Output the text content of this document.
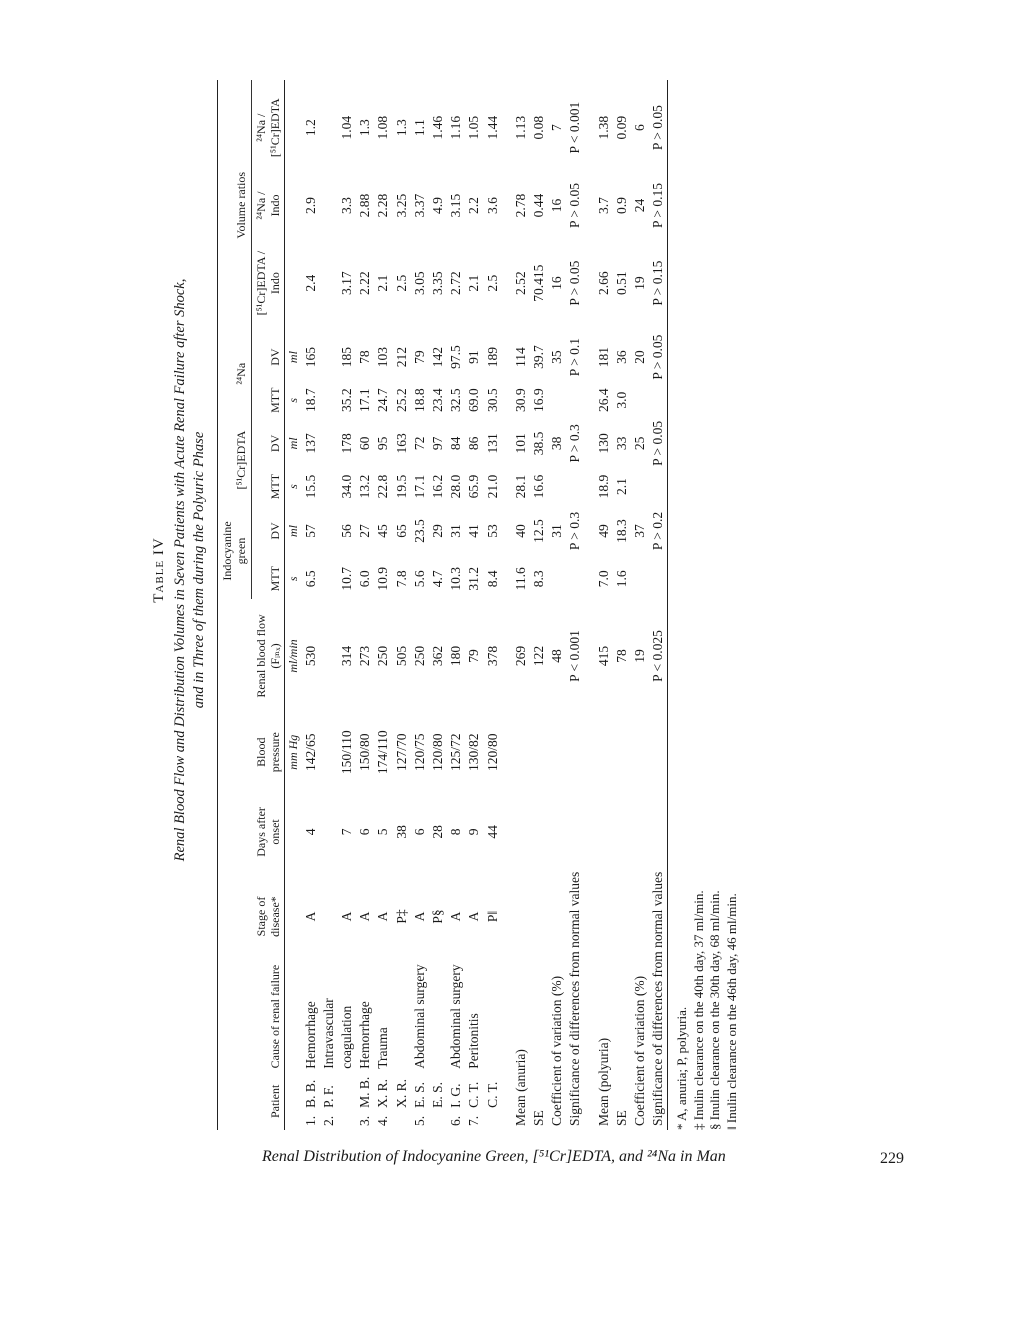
Table IV Renal Blood Flow and Distribution Volumes in Seven Patients with Acute Renal Failure after Shock, and in Three of them during the Polyuric Phase
Patient		Cause of renal failure	Stage of disease*	Days after onset	Blood pressure	Renal blood flow (Fᵢₙₓ)	Indocyanine green		[⁵¹Cr]EDTA		²⁴Na		Volume ratios		
							MTT	DV	MTT	DV	MTT	DV	[⁵¹Cr]EDTA / Indo	²⁴Na / Indo	²⁴Na / [⁵¹Cr]EDTA
					mm Hg	ml/min	s	ml	s	ml	s	ml			
1.	B. B.	Hemorrhage	A	4	142/65	530	6.5	57	15.5	137	18.7	165	2.4	2.9	1.2
2.	P. F.	Intravascular													
		coagulation	A	7	150/110	314	10.7	56	34.0	178	35.2	185	3.17	3.3	1.04
3.	M. B.	Hemorrhage	A	6	150/80	273	6.0	27	13.2	60	17.1	78	2.22	2.88	1.3
4.	X. R.	Trauma	A	5	174/110	250	10.9	45	22.8	95	24.7	103	2.1	2.28	1.08
	X. R.		P‡	38	127/70	505	7.8	65	19.5	163	25.2	212	2.5	3.25	1.3
5.	E. S.	Abdominal surgery	A	6	120/75	250	5.6	23.5	17.1	72	18.8	79	3.05	3.37	1.1
	E. S.		P§	28	120/80	362	4.7	29	16.2	97	23.4	142	3.35	4.9	1.46
6.	I. G.	Abdominal surgery	A	8	125/72	180	10.3	31	28.0	84	32.5	97.5	2.72	3.15	1.16
7.	C. T.	Peritonitis	A	9	130/82	79	31.2	41	65.9	86	69.0	91	2.1	2.2	1.05
	C. T.		P‖	44	120/80	378	8.4	53	21.0	131	30.5	189	2.5	3.6	1.44

Mean (anuria)						269	11.6	40	28.1	101	30.9	114	2.52	2.78	1.13
SE						122	8.3	12.5	16.6	38.5	16.9	39.7	70.415	0.44	0.08
Coefficient of variation (%)						48		31		38		35	16	16	7
Significance of differences from normal values						P < 0.001		P > 0.3		P > 0.3		P > 0.1	P > 0.05	P > 0.05	P < 0.001

Mean (polyuria)						415	7.0	49	18.9	130	26.4	181	2.66	3.7	1.38
SE						78	1.6	18.3	2.1	33	3.0	36	0.51	0.9	0.09
Coefficient of variation (%)						19		37		25		20	19	24	6
Significance of differences from normal values						P < 0.025		P > 0.2		P > 0.05		P > 0.05	P > 0.15	P > 0.15	P > 0.05
* A, anuria; P, polyuria. ‡ Inulin clearance on the 40th day, 37 ml/min. § Inulin clearance on the 30th day, 68 ml/min. ‖ Inulin clearance on the 46th day, 46 ml/min.
Renal Distribution of Indocyanine Green, [⁵¹Cr]EDTA, and ²⁴Na in Man	229
